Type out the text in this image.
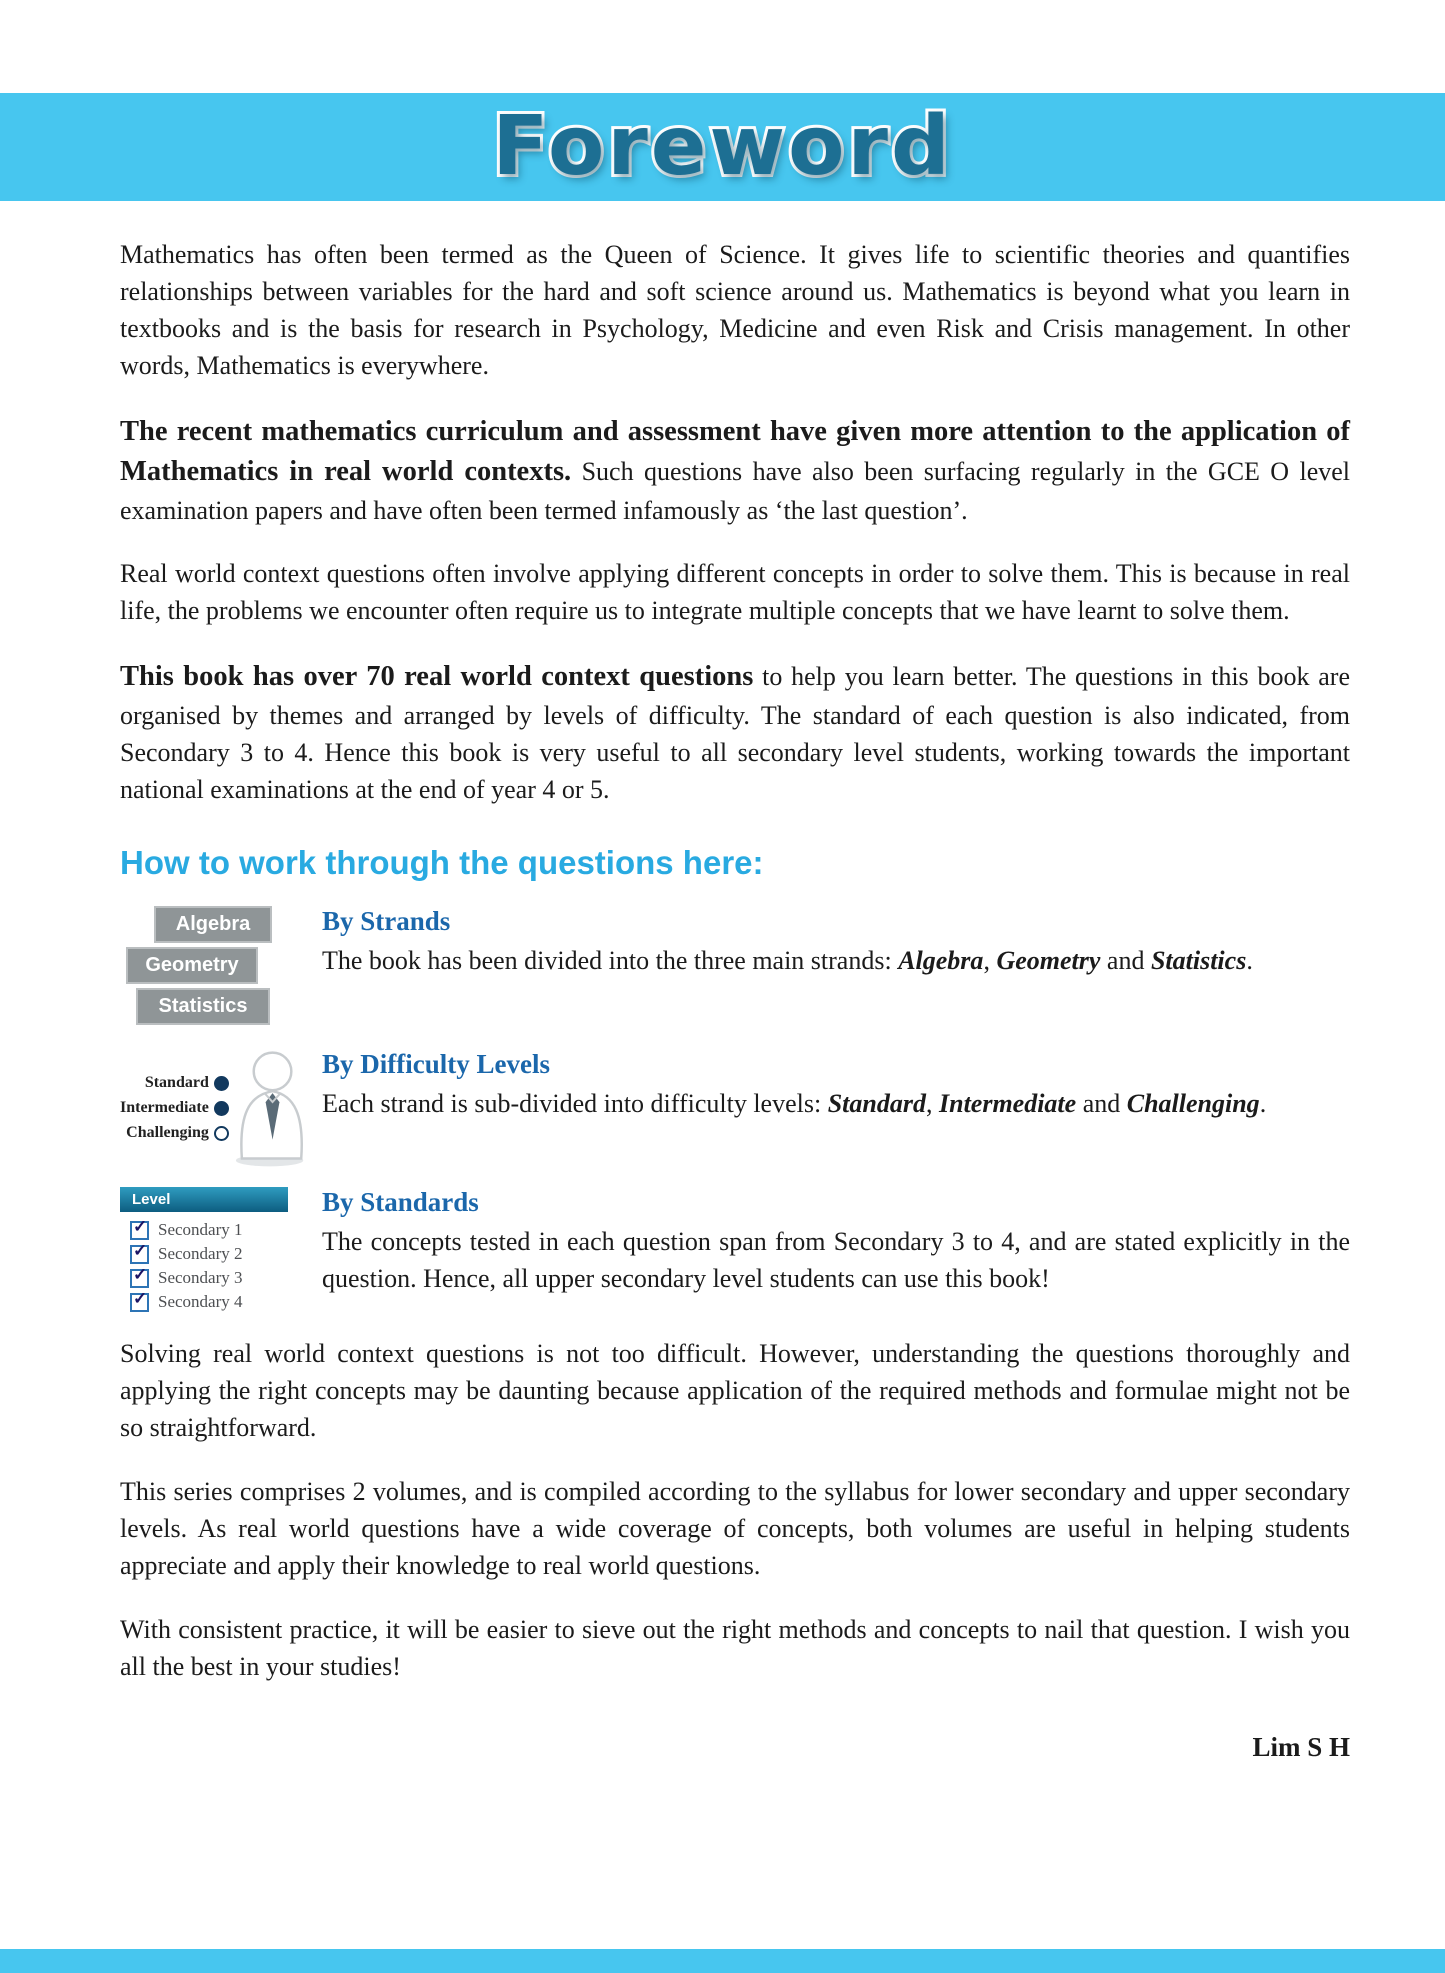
Foreword

Mathematics has often been termed as the Queen of Science. It gives life to scientific theories and quantifies relationships between variables for the hard and soft science around us. Mathematics is beyond what you learn in textbooks and is the basis for research in Psychology, Medicine and even Risk and Crisis management. In other words, Mathematics is everywhere.

The recent mathematics curriculum and assessment have given more attention to the application of Mathematics in real world contexts. Such questions have also been surfacing regularly in the GCE O level examination papers and have often been termed infamously as ‘the last question’.

Real world context questions often involve applying different concepts in order to solve them. This is because in real life, the problems we encounter often require us to integrate multiple concepts that we have learnt to solve them.

This book has over 70 real world context questions to help you learn better. The questions in this book are organised by themes and arranged by levels of difficulty. The standard of each question is also indicated, from Secondary 3 to 4. Hence this book is very useful to all secondary level students, working towards the important national examinations at the end of year 4 or 5.

How to work through the questions here:
Algebra
Geometry
Statistics
By Strands

The book has been divided into the three main strands: Algebra, Geometry and Statistics.

Standard
Intermediate
Challenging
By Difficulty Levels

Each strand is sub-divided into difficulty levels: Standard, Intermediate and Challenging.

Level
✓
Secondary 1
✓
Secondary 2
✓
Secondary 3
✓
Secondary 4
By Standards

The concepts tested in each question span from Secondary 3 to 4, and are stated explicitly in the question. Hence, all upper secondary level students can use this book!

Solving real world context questions is not too difficult. However, understanding the questions thoroughly and applying the right concepts may be daunting because application of the required methods and formulae might not be so straightforward.

This series comprises 2 volumes, and is compiled according to the syllabus for lower secondary and upper secondary levels. As real world questions have a wide coverage of concepts, both volumes are useful in helping students appreciate and apply their knowledge to real world questions.

With consistent practice, it will be easier to sieve out the right methods and concepts to nail that question. I wish you all the best in your studies!

Lim S H
